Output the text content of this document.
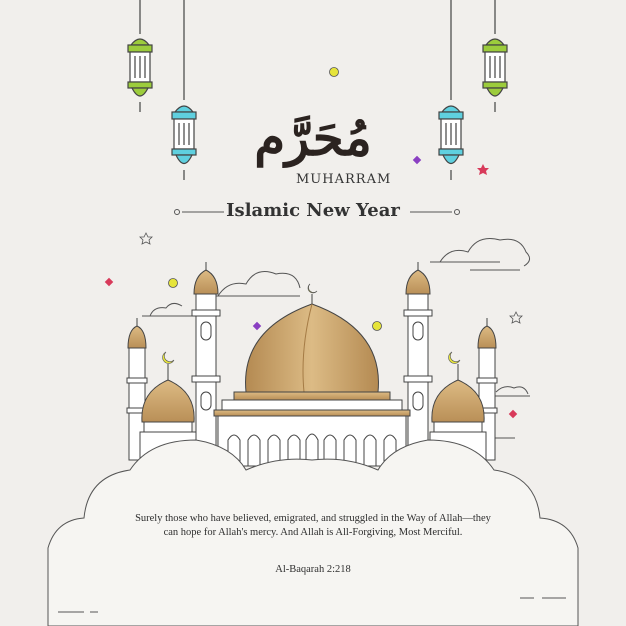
مُحَرَّم
MUHARRAM
Islamic New Year
Surely those who have believed, emigrated, and struggled in the Way of Allah—they can hope for Allah's mercy. And Allah is All-Forgiving, Most Merciful.
Al-Baqarah 2:218
